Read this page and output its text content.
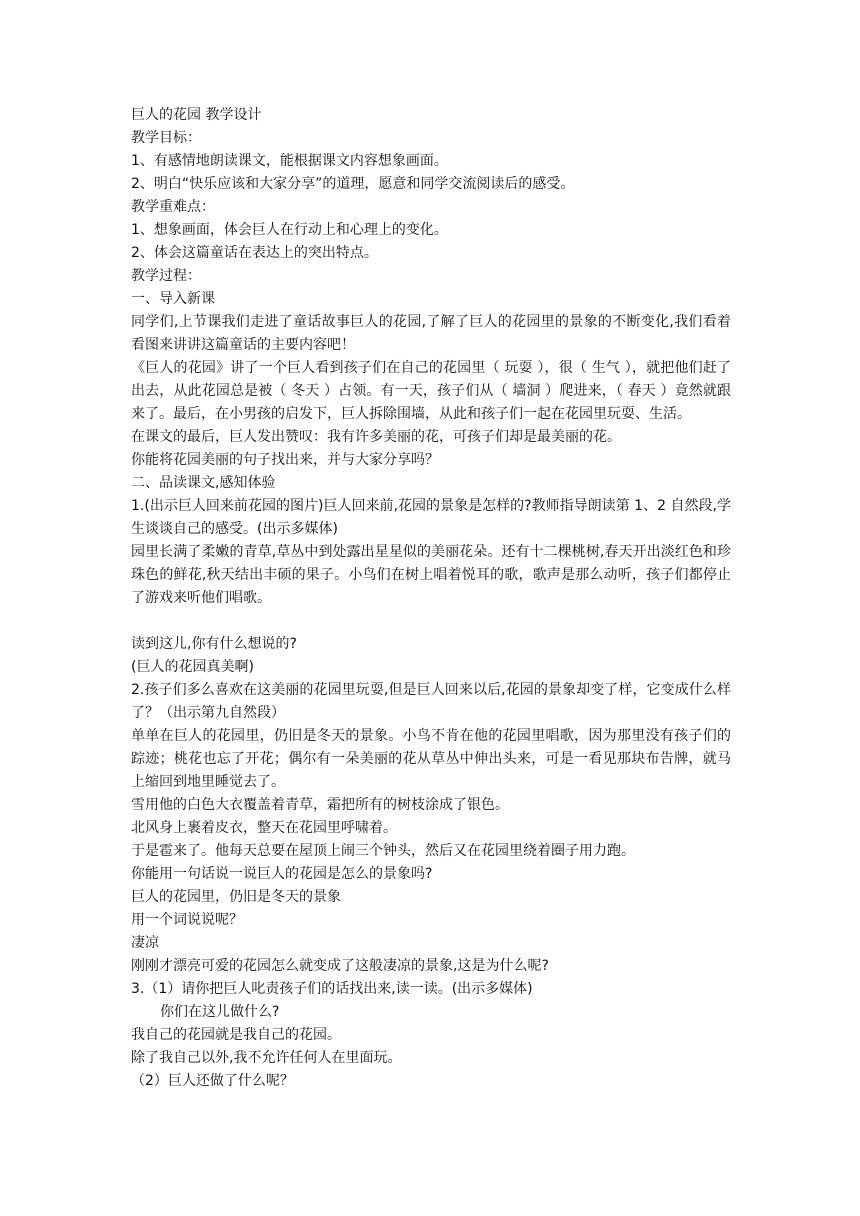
巨人的花园 教学设计

教学目标：

1、有感情地朗读课文，能根据课文内容想象画面。

2、明白“快乐应该和大家分享”的道理，愿意和同学交流阅读后的感受。

教学重难点：

1、想象画面，体会巨人在行动上和心理上的变化。

2、体会这篇童话在表达上的突出特点。

教学过程：

一、导入新课

同学们,上节课我们走进了童话故事巨人的花园,了解了巨人的花园里的景象的不断变化,我们看着看图来讲讲这篇童话的主要内容吧！

《巨人的花园》讲了一个巨人看到孩子们在自己的花园里（ 玩耍 ），很（ 生气 ），就把他们赶了出去，从此花园总是被（ 冬天 ）占领。有一天，孩子们从（ 墙洞 ）爬进来，（ 春天 ）竟然就跟来了。最后，在小男孩的启发下，巨人拆除围墙，从此和孩子们一起在花园里玩耍、生活。

在课文的最后，巨人发出赞叹：我有许多美丽的花，可孩子们却是最美丽的花。

你能将花园美丽的句子找出来，并与大家分享吗？

二、品读课文,感知体验

1.(出示巨人回来前花园的图片)巨人回来前,花园的景象是怎样的?教师指导朗读第 1、2 自然段,学生谈谈自己的感受。(出示多媒体)

园里长满了柔嫩的青草,草丛中到处露出星星似的美丽花朵。还有十二棵桃树,春天开出淡红色和珍珠色的鲜花,秋天结出丰硕的果子。小鸟们在树上唱着悦耳的歌，歌声是那么动听，孩子们都停止了游戏来听他们唱歌。

读到这儿,你有什么想说的?

(巨人的花园真美啊)

2.孩子们多么喜欢在这美丽的花园里玩耍,但是巨人回来以后,花园的景象却变了样，它变成什么样了？（出示第九自然段）

单单在巨人的花园里，仍旧是冬天的景象。小鸟不肯在他的花园里唱歌，因为那里没有孩子们的踪迹；桃花也忘了开花；偶尔有一朵美丽的花从草丛中伸出头来，可是一看见那块布告牌，就马上缩回到地里睡觉去了。

雪用他的白色大衣覆盖着青草，霜把所有的树枝涂成了银色。

北风身上裹着皮衣，整天在花园里呼啸着。

于是雹来了。他每天总要在屋顶上闹三个钟头，然后又在花园里绕着圈子用力跑。

你能用一句话说一说巨人的花园是怎么的景象吗?

巨人的花园里，仍旧是冬天的景象

用一个词说说呢？

凄凉

刚刚才漂亮可爱的花园怎么就变成了这般凄凉的景象,这是为什么呢?

3.（1）请你把巨人叱责孩子们的话找出来,读一读。(出示多媒体)

你们在这儿做什么?

我自己的花园就是我自己的花园。

除了我自己以外,我不允许任何人在里面玩。

（2）巨人还做了什么呢？
